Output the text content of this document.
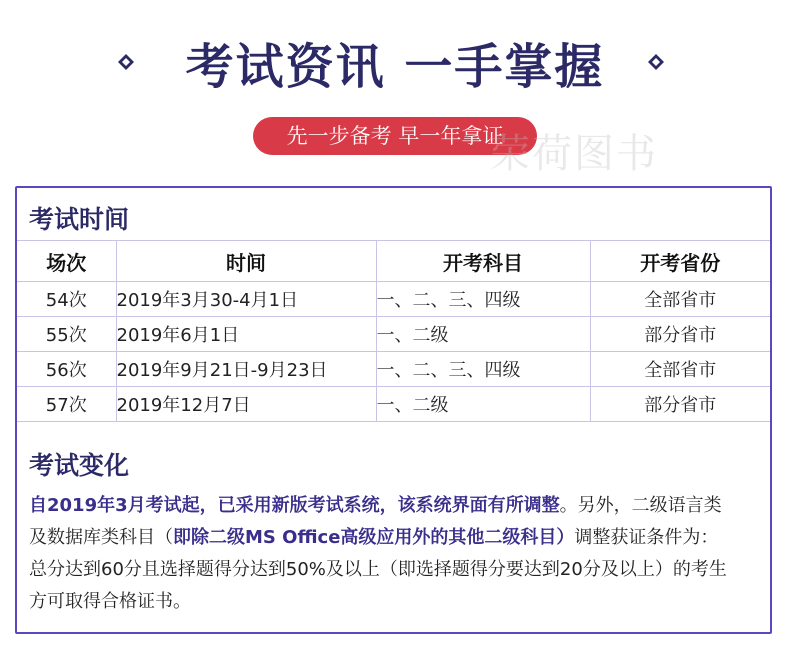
考试资讯 一手掌握
先一步备考 早一年拿证
荣荷图书
考试时间
场次	时间	开考科目	开考省份
54次	2019年3月30-4月1日	一、二、三、四级	全部省市
55次	2019年6月1日	一、二级	部分省市
56次	2019年9月21日-9月23日	一、二、三、四级	全部省市
57次	2019年12月7日	一、二级	部分省市
考试变化
自2019年3月考试起，已采用新版考试系统，该系统界面有所调整。另外，二级语言类及数据库类科目（即除二级MS Office高级应用外的其他二级科目）调整获证条件为：总分达到60分且选择题得分达到50%及以上（即选择题得分要达到20分及以上）的考生方可取得合格证书。
